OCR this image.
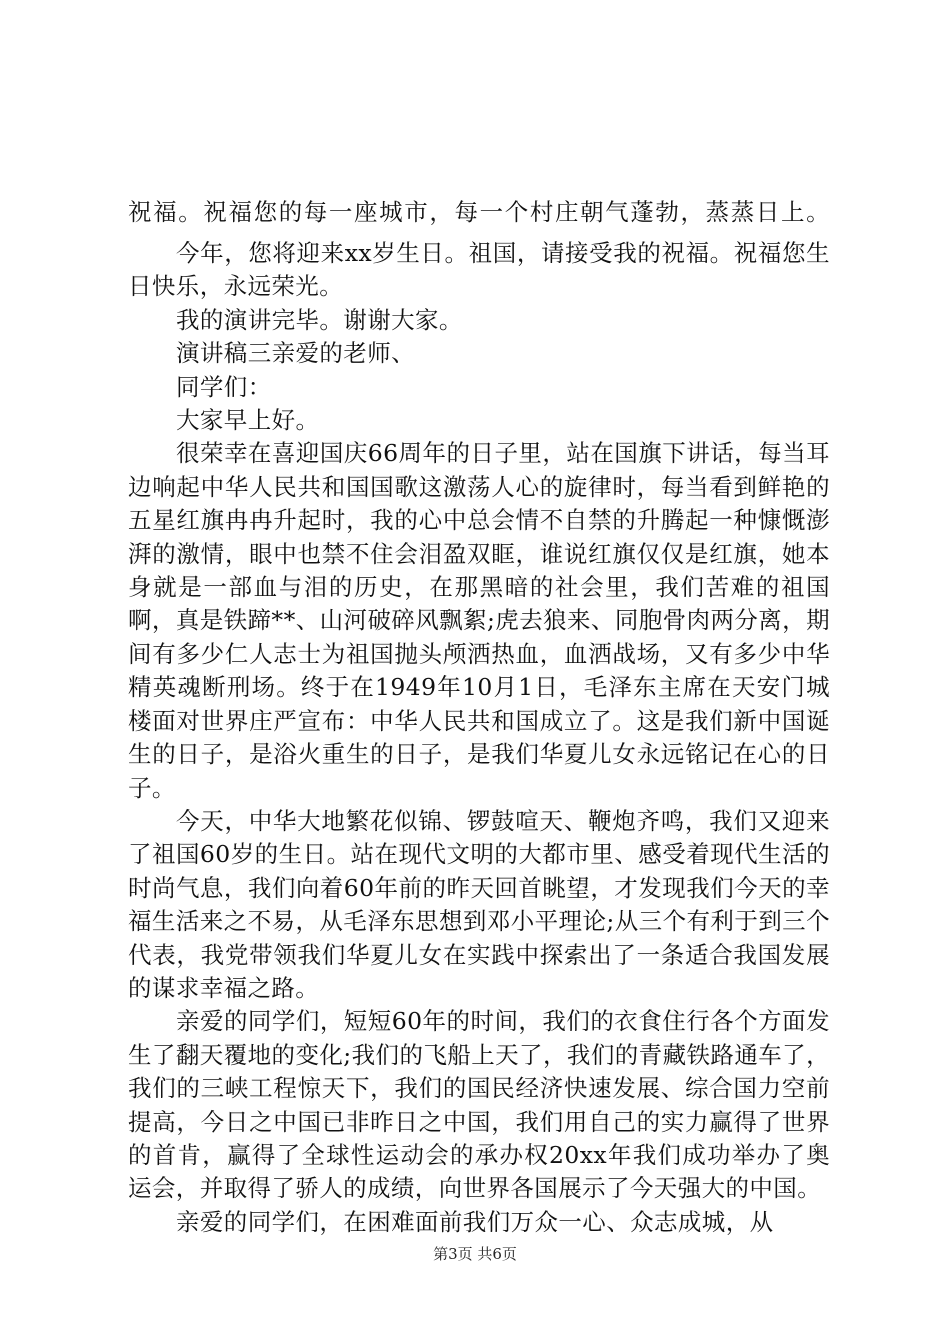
祝福。祝福您的每一座城市，每一个村庄朝气蓬勃，蒸蒸日上。

今年，您将迎来xx岁生日。祖国，请接受我的祝福。祝福您生日快乐，永远荣光。

我的演讲完毕。谢谢大家。

演讲稿三亲爱的老师、

同学们：

大家早上好。

很荣幸在喜迎国庆66周年的日子里，站在国旗下讲话，每当耳边响起中华人民共和国国歌这激荡人心的旋律时，每当看到鲜艳的五星红旗冉冉升起时，我的心中总会情不自禁的升腾起一种慷慨澎湃的激情，眼中也禁不住会泪盈双眶，谁说红旗仅仅是红旗，她本身就是一部血与泪的历史，在那黑暗的社会里，我们苦难的祖国啊，真是铁蹄**、山河破碎风飘絮;虎去狼来、同胞骨肉两分离，期间有多少仁人志士为祖国抛头颅洒热血，血洒战场，又有多少中华精英魂断刑场。终于在1949年10月1日，毛泽东主席在天安门城楼面对世界庄严宣布：中华人民共和国成立了。这是我们新中国诞生的日子，是浴火重生的日子，是我们华夏儿女永远铭记在心的日子。

今天，中华大地繁花似锦、锣鼓喧天、鞭炮齐鸣，我们又迎来了祖国60岁的生日。站在现代文明的大都市里、感受着现代生活的时尚气息，我们向着60年前的昨天回首眺望，才发现我们今天的幸福生活来之不易，从毛泽东思想到邓小平理论;从三个有利于到三个代表，我党带领我们华夏儿女在实践中探索出了一条适合我国发展的谋求幸福之路。

亲爱的同学们，短短60年的时间，我们的衣食住行各个方面发生了翻天覆地的变化;我们的飞船上天了，我们的青藏铁路通车了，我们的三峡工程惊天下，我们的国民经济快速发展、综合国力空前提高，今日之中国已非昨日之中国，我们用自己的实力赢得了世界的首肯，赢得了全球性运动会的承办权20xx年我们成功举办了奥运会，并取得了骄人的成绩，向世界各国展示了今天强大的中国。

亲爱的同学们，在困难面前我们万众一心、众志成城，从

第3页 共6页
